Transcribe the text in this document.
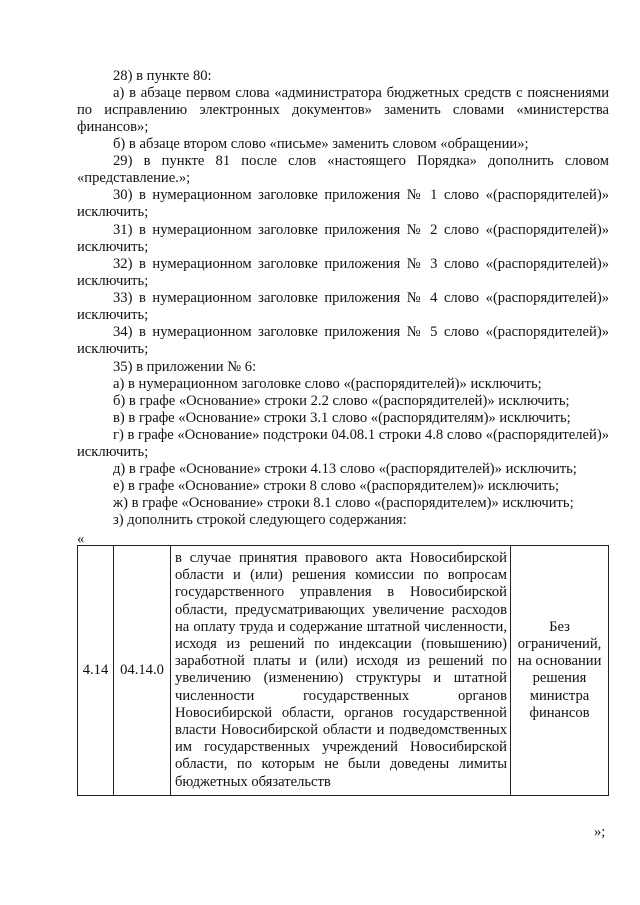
28) в пункте 80:

а) в абзаце первом слова «администратора бюджетных средств с пояснениями по исправлению электронных документов» заменить словами «министерства финансов»;

б) в абзаце втором слово «письме» заменить словом «обращении»;

29) в пункте 81 после слов «настоящего Порядка» дополнить словом «представление.»;

30) в нумерационном заголовке приложения № 1 слово «(распорядителей)» исключить;

31) в нумерационном заголовке приложения № 2 слово «(распорядителей)» исключить;

32) в нумерационном заголовке приложения № 3 слово «(распорядителей)» исключить;

33) в нумерационном заголовке приложения № 4 слово «(распорядителей)» исключить;

34) в нумерационном заголовке приложения № 5 слово «(распорядителей)» исключить;

35) в приложении № 6:

а) в нумерационном заголовке слово «(распорядителей)» исключить;

б) в графе «Основание» строки 2.2 слово «(распорядителей)» исключить;

в) в графе «Основание» строки 3.1 слово «(распорядителям)» исключить;

г) в графе «Основание» подстроки 04.08.1 строки 4.8 слово «(распорядителей)» исключить;

д) в графе «Основание» строки 4.13 слово «(распорядителей)» исключить;

е) в графе «Основание» строки 8 слово «(распорядителем)» исключить;

ж) в графе «Основание» строки 8.1 слово «(распорядителем)» исключить;

з) дополнить строкой следующего содержания:

«
4.14	04.14.0	в случае принятия правового акта Новосибирской области и (или) решения комиссии по вопросам государственного управления в Новосибирской области, предусматривающих увеличение расходов на оплату труда и содержание штатной численности, исходя из решений по индексации (повышению) заработной платы и (или) исходя из решений по увеличению (изменению) структуры и штатной численности государственных органов Новосибирской области, органов государственной власти Новосибирской области и подведомственных им государственных учреждений Новосибирской области, по которым не были доведены лимиты бюджетных обязательств	Без ограничений, на основании решения министра финансов
»;
